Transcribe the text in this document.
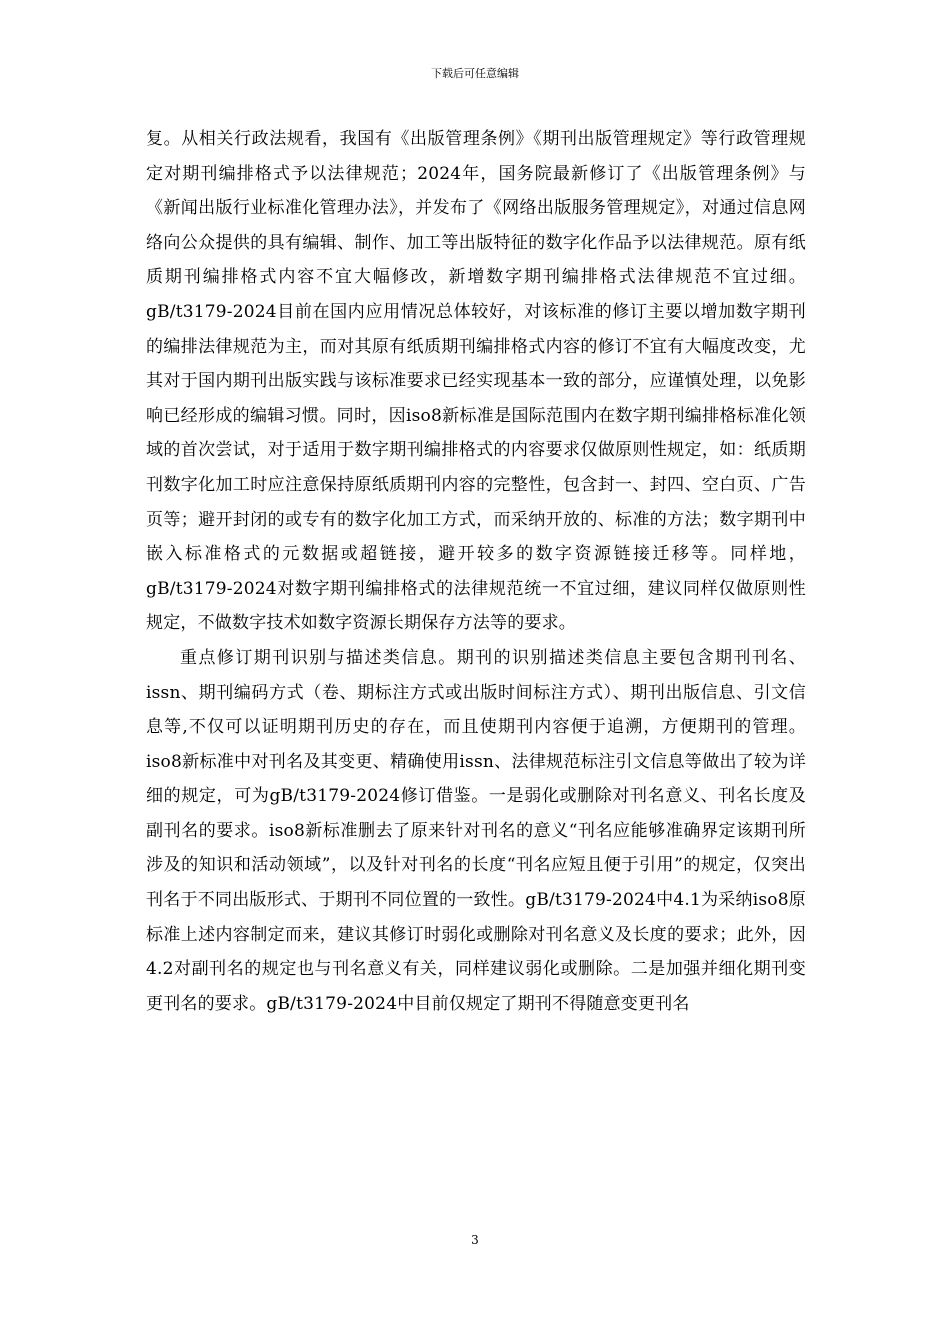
下载后可任意编辑

复。从相关行政法规看，我国有《出版管理条例》《期刊出版管理规定》等行政管理规定对期刊编排格式予以法律规范；2024年，国务院最新修订了《出版管理条例》与《新闻出版行业标准化管理办法》，并发布了《网络出版服务管理规定》，对通过信息网络向公众提供的具有编辑、制作、加工等出版特征的数字化作品予以法律规范。原有纸质期刊编排格式内容不宜大幅修改，新增数字期刊编排格式法律规范不宜过细。gB/t3179-2024目前在国内应用情况总体较好，对该标准的修订主要以增加数字期刊的编排法律规范为主，而对其原有纸质期刊编排格式内容的修订不宜有大幅度改变，尤其对于国内期刊出版实践与该标准要求已经实现基本一致的部分，应谨慎处理，以免影响已经形成的编辑习惯。同时，因iso8新标准是国际范围内在数字期刊编排格标准化领域的首次尝试，对于适用于数字期刊编排格式的内容要求仅做原则性规定，如：纸质期刊数字化加工时应注意保持原纸质期刊内容的完整性，包含封一、封四、空白页、广告页等；避开封闭的或专有的数字化加工方式，而采纳开放的、标准的方法；数字期刊中嵌入标准格式的元数据或超链接，避开较多的数字资源链接迁移等。同样地，gB/t3179-2024对数字期刊编排格式的法律规范统一不宜过细，建议同样仅做原则性规定，不做数字技术如数字资源长期保存方法等的要求。

重点修订期刊识别与描述类信息。期刊的识别描述类信息主要包含期刊刊名、issn、期刊编码方式（卷、期标注方式或出版时间标注方式）、期刊出版信息、引文信息等,不仅可以证明期刊历史的存在，而且使期刊内容便于追溯，方便期刊的管理。iso8新标准中对刊名及其变更、精确使用issn、法律规范标注引文信息等做出了较为详细的规定，可为gB/t3179-2024修订借鉴。一是弱化或删除对刊名意义、刊名长度及副刊名的要求。iso8新标准删去了原来针对刊名的意义“刊名应能够准确界定该期刊所涉及的知识和活动领域”，以及针对刊名的长度“刊名应短且便于引用”的规定，仅突出刊名于不同出版形式、于期刊不同位置的一致性。gB/t3179-2024中4.1为采纳iso8原标准上述内容制定而来，建议其修订时弱化或删除对刊名意义及长度的要求；此外，因4.2对副刊名的规定也与刊名意义有关，同样建议弱化或删除。二是加强并细化期刊变更刊名的要求。gB/t3179-2024中目前仅规定了期刊不得随意变更刊名

3
